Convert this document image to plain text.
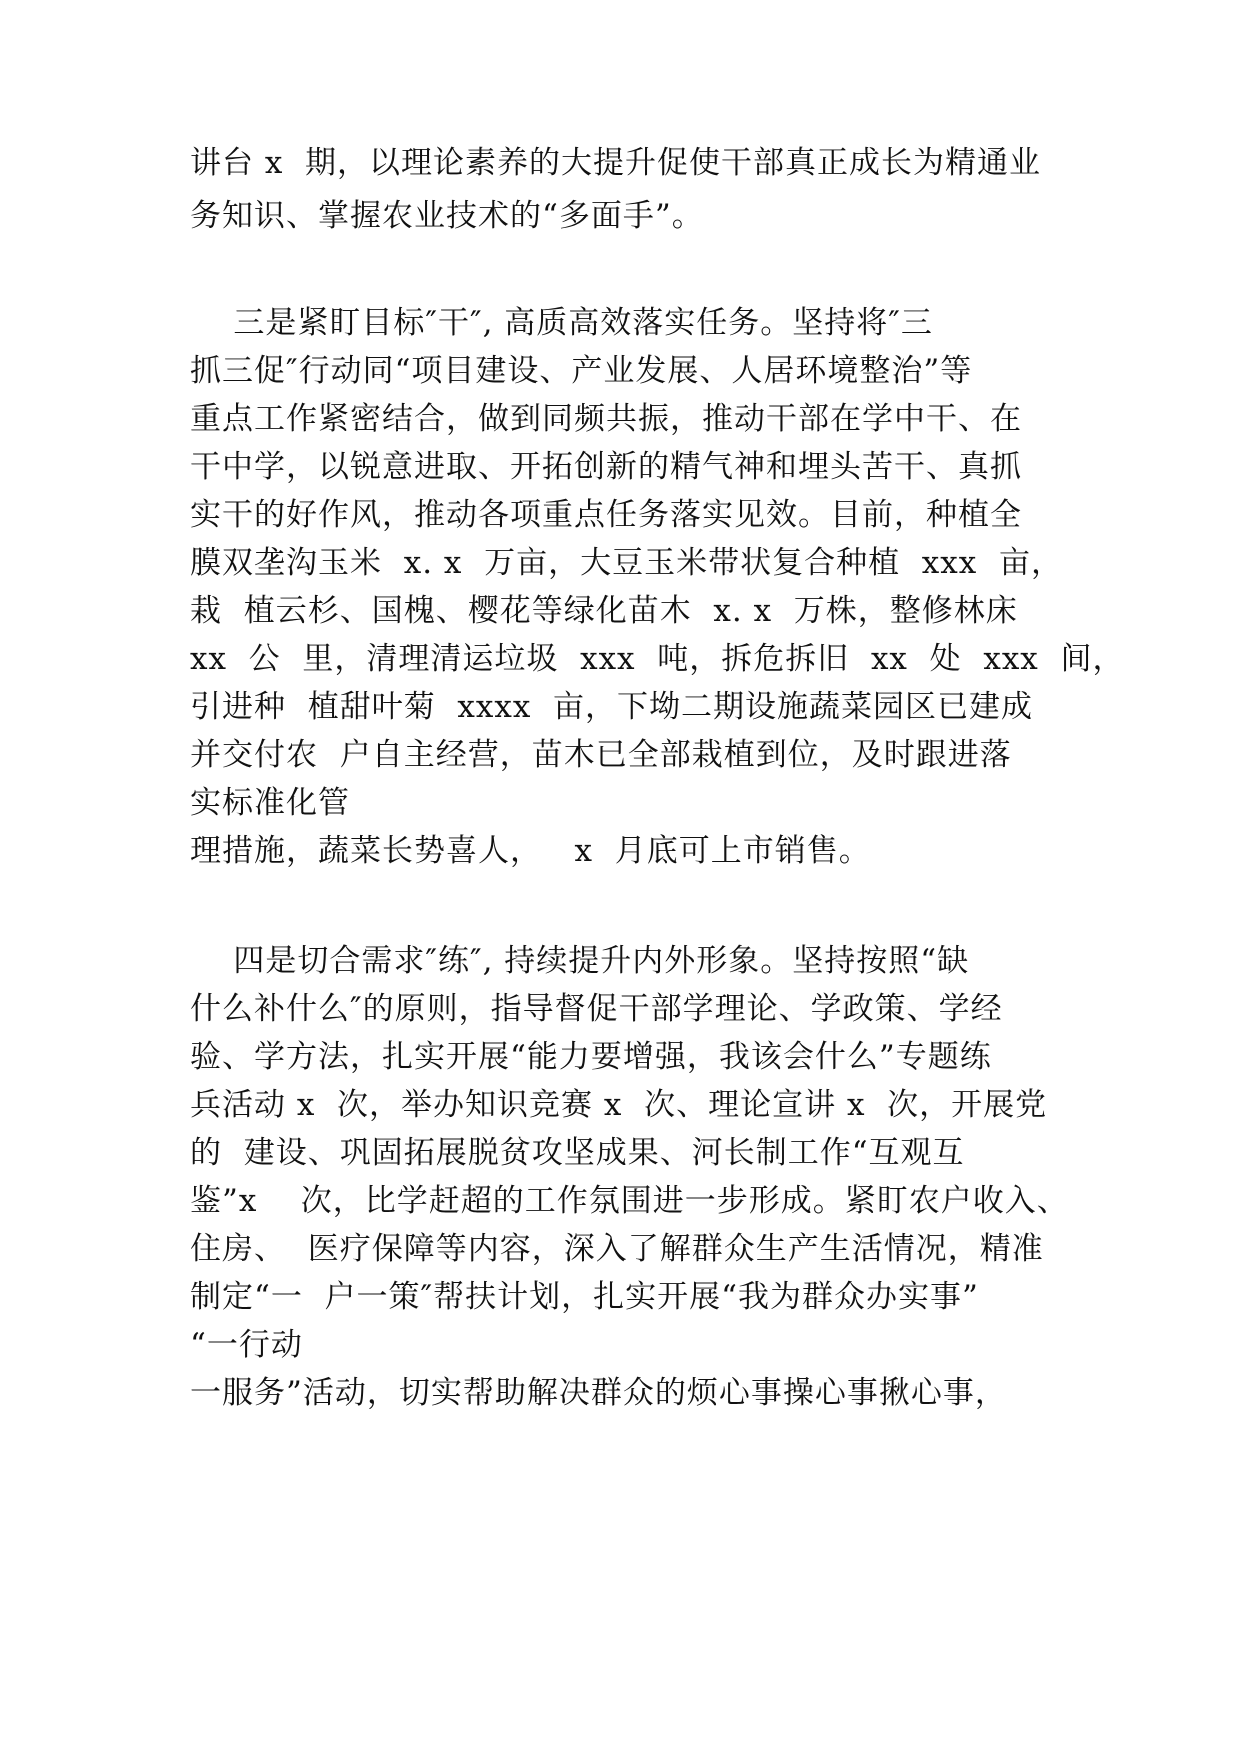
讲台 x  期，以理论素养的大提升促使干部真正成长为精通业
务知识、掌握农业技术的“多面手”。
三是紧盯目标″干″, 高质高效落实任务。坚持将″三
抓三促″行动同“项目建设、产业发展、人居环境整治”等
重点工作紧密结合，做到同频共振，推动干部在学中干、在
干中学，以锐意进取、开拓创新的精气神和埋头苦干、真抓
实干的好作风，推动各项重点任务落实见效。目前，种植全
膜双垄沟玉米  x. x  万亩，大豆玉米带状复合种植  xxx  亩，
栽  植云杉、国槐、樱花等绿化苗木  x. x  万株，整修林床
xx  公  里，清理清运垃圾  xxx  吨，拆危拆旧  xx  处  xxx  间，
引进种  植甜叶菊  xxxx  亩，下坳二期设施蔬菜园区已建成
并交付农  户自主经营，苗木已全部栽植到位，及时跟进落
实标准化管
理措施，蔬菜长势喜人，   x  月底可上市销售。
四是切合需求″练″, 持续提升内外形象。坚持按照“缺
什么补什么″的原则，指导督促干部学理论、学政策、学经
验、学方法，扎实开展“能力要增强，我该会什么”专题练
兵活动 x  次，举办知识竞赛 x  次、理论宣讲 x  次，开展党
的  建设、巩固拓展脱贫攻坚成果、河长制工作“互观互
鉴”x    次，比学赶超的工作氛围进一步形成。紧盯农户收入、
住房、  医疗保障等内容，深入了解群众生产生活情况，精准
制定“一  户一策″帮扶计划，扎实开展“我为群众办实事”
“一行动
一服务”活动，切实帮助解决群众的烦心事操心事揪心事，
